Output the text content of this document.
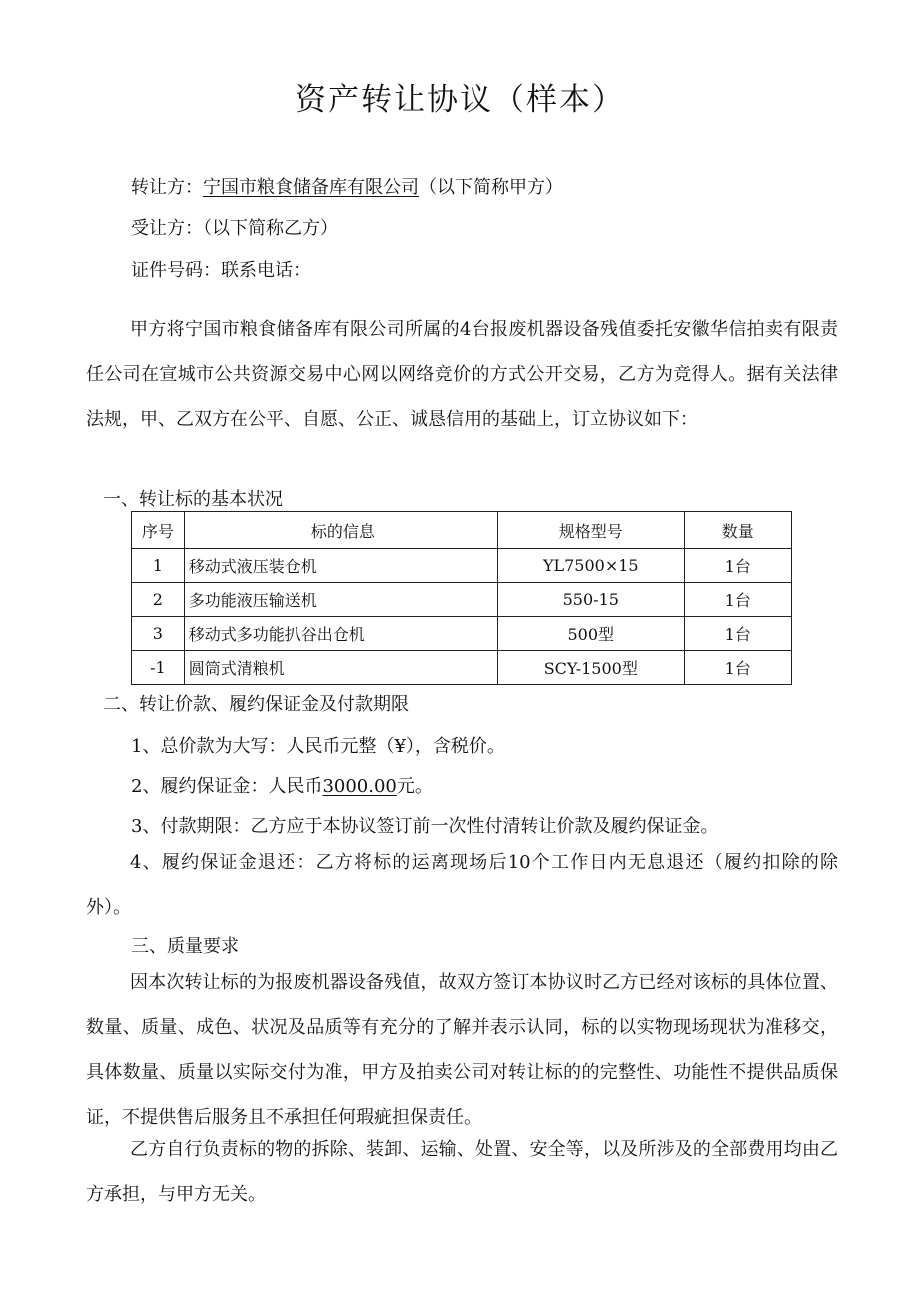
资产转让协议（样本）
转让方：宁国市粮食储备库有限公司（以下简称甲方）
受让方：（以下简称乙方）
证件号码：联系电话：
甲方将宁国市粮食储备库有限公司所属的4台报废机器设备残值委托安徽华信拍卖有限责任公司在宣城市公共资源交易中心网以网络竞价的方式公开交易，乙方为竞得人。据有关法律法规，甲、乙双方在公平、自愿、公正、诚恳信用的基础上，订立协议如下：
一、转让标的基本状况
序号	标的信息	规格型号	数量
1	移动式液压装仓机	YL7500×15	1台
2	多功能液压输送机	550-15	1台
3	移动式多功能扒谷出仓机	500型	1台
-1	圆筒式清粮机	SCY-1500型	1台
二、转让价款、履约保证金及付款期限
1、总价款为大写：人民币元整（¥），含税价。
2、履约保证金：人民币3000.00元。
3、付款期限：乙方应于本协议签订前一次性付清转让价款及履约保证金。
4、履约保证金退还：乙方将标的运离现场后10个工作日内无息退还（履约扣除的除外）。
三、质量要求
因本次转让标的为报废机器设备残值，故双方签订本协议时乙方已经对该标的具体位置、数量、质量、成色、状况及品质等有充分的了解并表示认同，标的以实物现场现状为准移交，具体数量、质量以实际交付为准，甲方及拍卖公司对转让标的的完整性、功能性不提供品质保证，不提供售后服务且不承担任何瑕疵担保责任。
乙方自行负责标的物的拆除、装卸、运输、处置、安全等，以及所涉及的全部费用均由乙方承担，与甲方无关。
